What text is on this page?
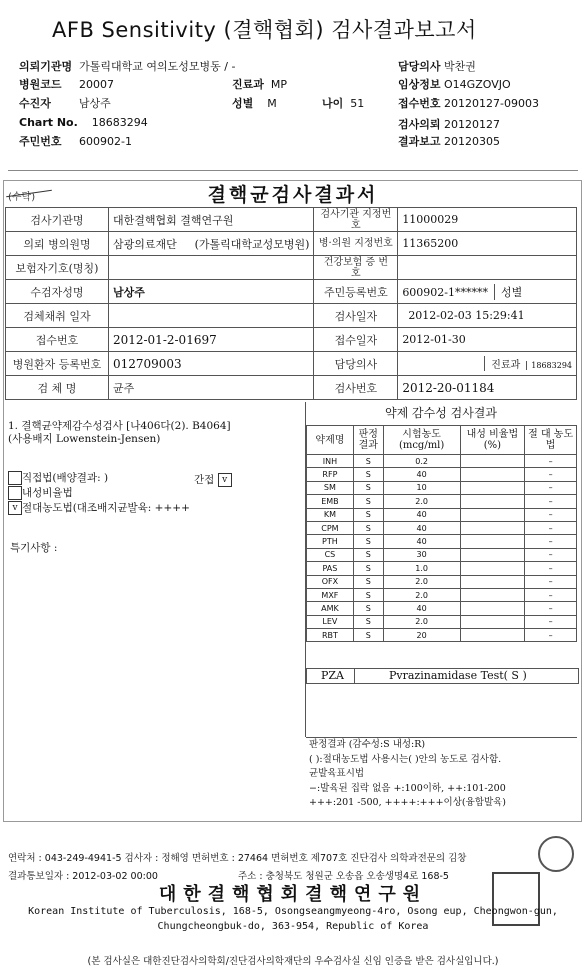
AFB Sensitivity (결핵협회) 검사결과보고서
의뢰기관명 가톨릭대학교 여의도성모병동 / -
병원코드 20007	진료과 MP
수진자	남상주	성별 M	나이 51
Chart No. 18683294
주민번호 600902-1
담당의사 박찬권
임상정보 O14GZOVJO
접수번호 20120127-09003
검사의뢰 20120127
결과보고 20120305
(수탁)	결핵균검사결과서
검사기관명	대한결핵협회 결핵연구원	검사기관 지정번호	11000029
의뢰 병의원명	삼광의료재단 (가톨릭대학교성모병원)	병·의원 지정번호	11365200
보험자기호(명칭)		건강보험 증 번 호	
수검자성명	남상주	주민등록번호	600902-1****** 성별
검체채취 일자		검사일자	2012-02-03 15:29:41
접수번호	2012-01-2-01697	접수일자	2012-01-30
병원환자 등록번호	012709003	담당의사	진료과 18683294

검 체 명	균주	검사번호	2012-20-01184
1. 결핵균약제감수성검사 [나406다(2). B4064]
(사용배지 Lowenstein-Jensen)
직접법(배양결과: )	간접 v
내성비율법
v 절대농도법(대조배지균발육: ++++
특기사항 :
약제 감수성 검사결과
약제명	판정 결과	시험농도 (mcg/ml)	내성 비율법(%)	절 대 농도법
INH	S	0.2		–
RFP	S	40		–
SM	S	10		–
EMB	S	2.0		–
KM	S	40		–
CPM	S	40		–
PTH	S	40		–
CS	S	30		–
PAS	S	1.0		–
OFX	S	2.0		–
MXF	S	2.0		–
AMK	S	40		–
LEV	S	2.0		–
RBT	S	20		–
PZA	Pvrazinamidase Test( S )
판정결과 (감수성:S 내성:R)
( ):절대농도법 사용시는( )안의 농도로 검사함.
균발육표시법
−:발육된 집락 없음 +:100이하, ++:101-200
+++:201 -500, ++++:+++이상(융합발육)
연락처 : 043-249-4941-5 검사자 : 정해영 면허번호 : 27464 면허번호 제707호 진단검사 의학과전문의 김창
결과통보일자 : 2012-03-02 00:00	주소 : 충청북도 청원군 오송읍 오송생명4로 168-5
대한결핵협회결핵연구원
Korean Institute of Tuberculosis, 168-5, Osongseangmyeong-4ro, Osong eup, Cheongwon-gun,
Chungcheongbuk-do, 363-954, Republic of Korea
(본 검사실은 대한진단검사의학회/진단검사의학재단의 우수검사실 신임 인증을 받은 검사실입니다.)
